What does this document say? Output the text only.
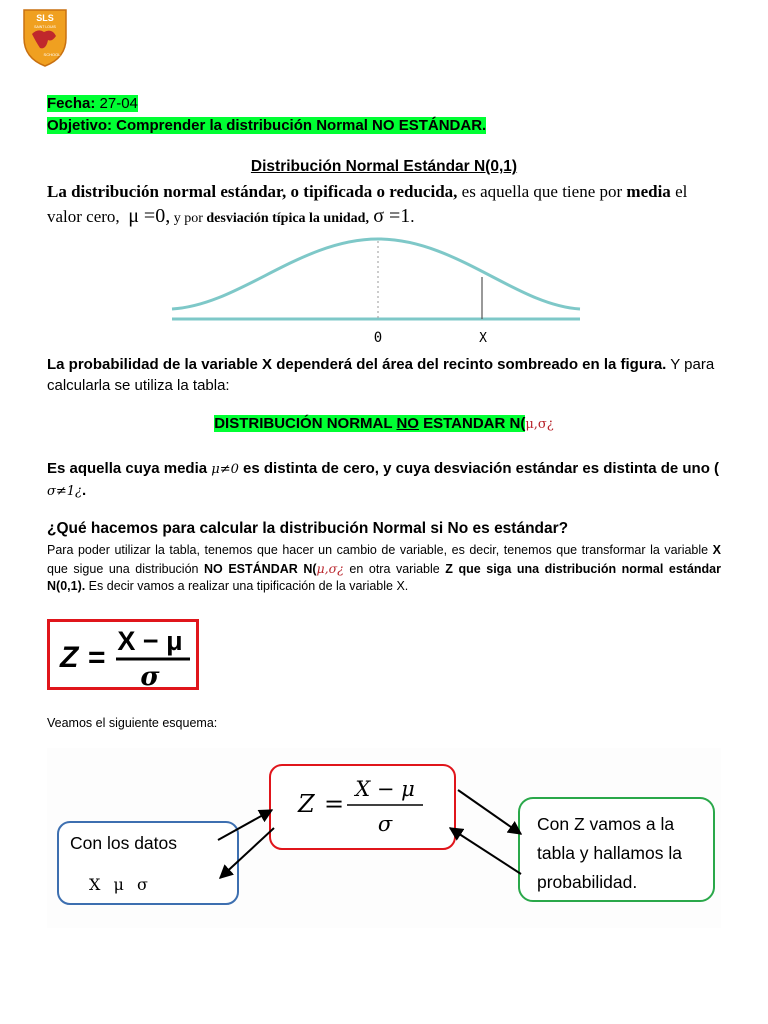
SLS
SAINT LOUIS
SCHOOL
Fecha: 27-04
Objetivo: Comprender la distribución Normal NO ESTÁNDAR.
Distribución Normal Estándar N(0,1)
La distribución normal estándar, o tipificada o reducida, es aquella que tiene por media el valor cero, μ =0, y por desviación típica la unidad, σ =1.
0	X
La probabilidad de la variable X dependerá del área del recinto sombreado en la figura. Y para calcularla se utiliza la tabla:
DISTRIBUCIÓN NORMAL NO ESTANDAR N(μ,σ¿
Es aquella cuya media μ≠0 es distinta de cero, y cuya desviación estándar es distinta de uno ( σ≠1¿.
¿Qué hacemos para calcular la distribución Normal si No es estándar?
Para poder utilizar la tabla, tenemos que hacer un cambio de variable, es decir, tenemos que transformar la variable X que sigue una distribución NO ESTÁNDAR N(μ,σ¿ en otra variable Z que siga una distribución normal estándar N(0,1). Es decir vamos a realizar una tipificación de la variable X.
Z = X − μ
σ
Veamos el siguiente esquema:
Con los datos
X μ σ
Z =
X − μ
σ	Con Z vamos a la
tabla y hallamos la
probabilidad.
